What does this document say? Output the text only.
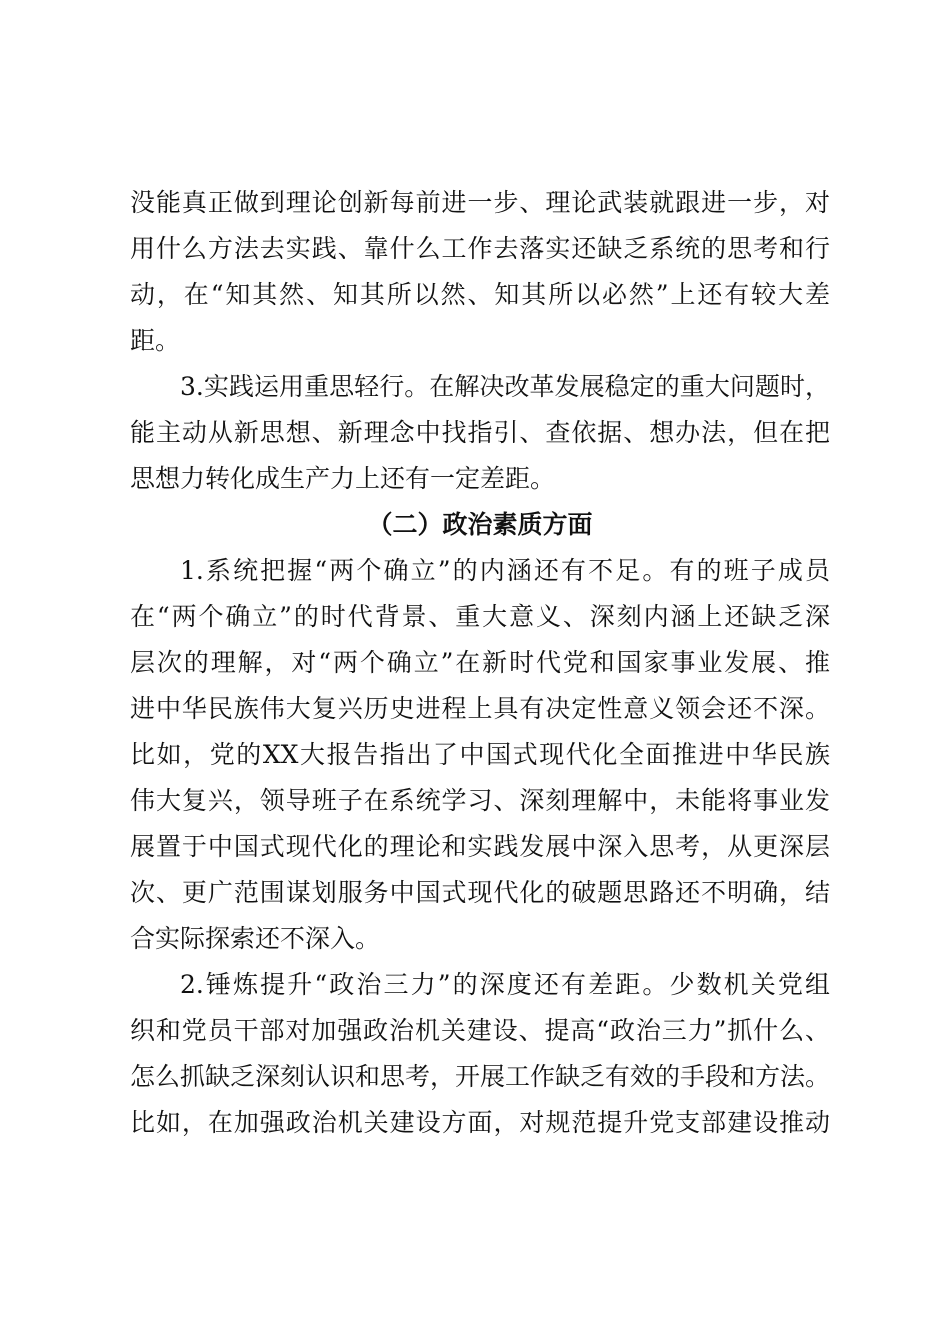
没能真正做到理论创新每前进一步、理论武装就跟进一步，对
用什么方法去实践、靠什么工作去落实还缺乏系统的思考和行
动，在“知其然、知其所以然、知其所以必然”上还有较大差
距。
3.实践运用重思轻行。在解决改革发展稳定的重大问题时，
能主动从新思想、新理念中找指引、查依据、想办法，但在把
思想力转化成生产力上还有一定差距。
（二）政治素质方面
1.系统把握“两个确立”的内涵还有不足。有的班子成员
在“两个确立”的时代背景、重大意义、深刻内涵上还缺乏深
层次的理解，对“两个确立”在新时代党和国家事业发展、推
进中华民族伟大复兴历史进程上具有决定性意义领会还不深。
比如，党的XX大报告指出了中国式现代化全面推进中华民族
伟大复兴，领导班子在系统学习、深刻理解中，未能将事业发
展置于中国式现代化的理论和实践发展中深入思考，从更深层
次、更广范围谋划服务中国式现代化的破题思路还不明确，结
合实际探索还不深入。
2.锤炼提升“政治三力”的深度还有差距。少数机关党组
织和党员干部对加强政治机关建设、提高“政治三力”抓什么、
怎么抓缺乏深刻认识和思考，开展工作缺乏有效的手段和方法。
比如，在加强政治机关建设方面，对规范提升党支部建设推动
